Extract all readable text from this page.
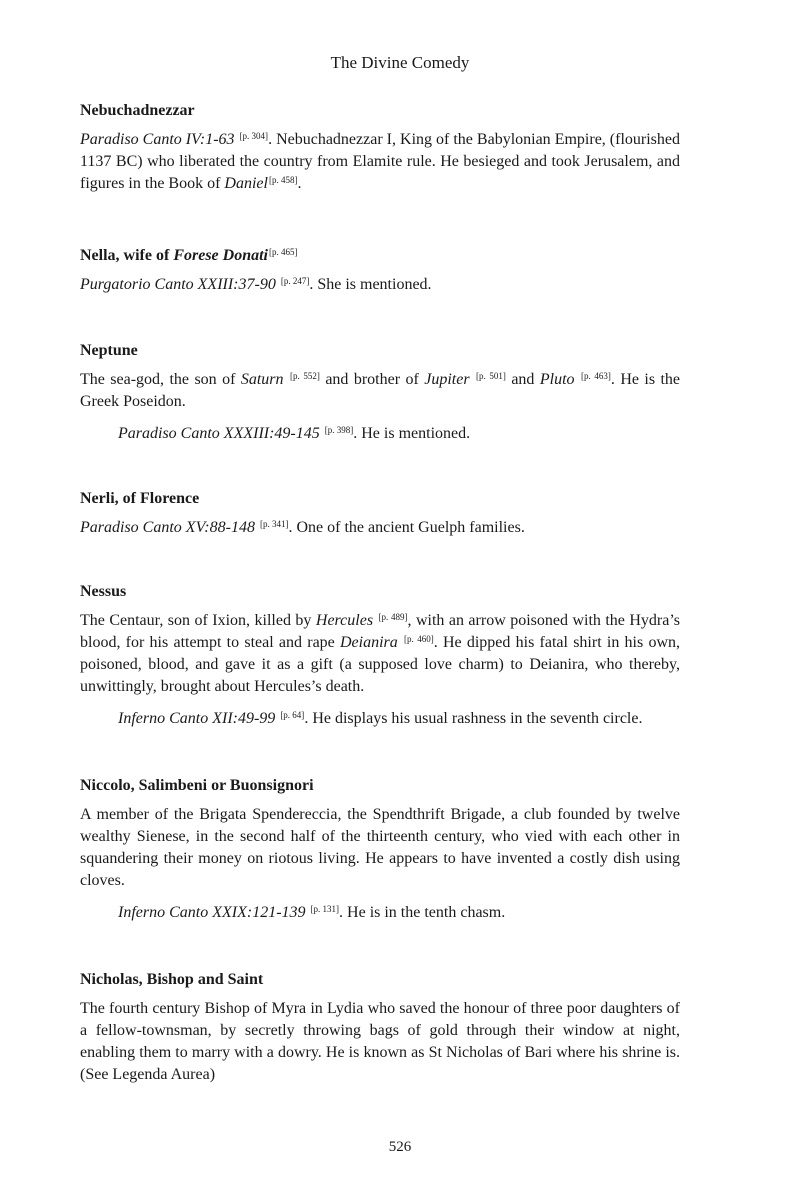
The Divine Comedy
Nebuchadnezzar

Paradiso Canto IV:1-63 [p. 304]. Nebuchadnezzar I, King of the Babylonian Empire, (flourished 1137 BC) who liberated the country from Elamite rule. He besieged and took Jerusalem, and figures in the Book of Daniel[p. 458].

Nella, wife of Forese Donati[p. 465]

Purgatorio Canto XXIII:37-90 [p. 247]. She is mentioned.

Neptune

The sea-god, the son of Saturn [p. 552] and brother of Jupiter [p. 501] and Pluto [p. 463]. He is the Greek Poseidon.

Paradiso Canto XXXIII:49-145 [p. 398]. He is mentioned.

Nerli, of Florence

Paradiso Canto XV:88-148 [p. 341]. One of the ancient Guelph families.

Nessus

The Centaur, son of Ixion, killed by Hercules [p. 489], with an arrow poisoned with the Hydra’s blood, for his attempt to steal and rape Deianira [p. 460]. He dipped his fatal shirt in his own, poisoned, blood, and gave it as a gift (a supposed love charm) to Deianira, who thereby, unwittingly, brought about Hercules’s death.

Inferno Canto XII:49-99 [p. 64]. He displays his usual rashness in the seventh circle.

Niccolo, Salimbeni or Buonsignori

A member of the Brigata Spendereccia, the Spendthrift Brigade, a club founded by twelve wealthy Sienese, in the second half of the thirteenth century, who vied with each other in squandering their money on riotous living. He appears to have invented a costly dish using cloves.

Inferno Canto XXIX:121-139 [p. 131]. He is in the tenth chasm.

Nicholas, Bishop and Saint

The fourth century Bishop of Myra in Lydia who saved the honour of three poor daughters of a fellow-townsman, by secretly throwing bags of gold through their window at night, enabling them to marry with a dowry. He is known as St Nicholas of Bari where his shrine is. (See Legenda Aurea)

526
